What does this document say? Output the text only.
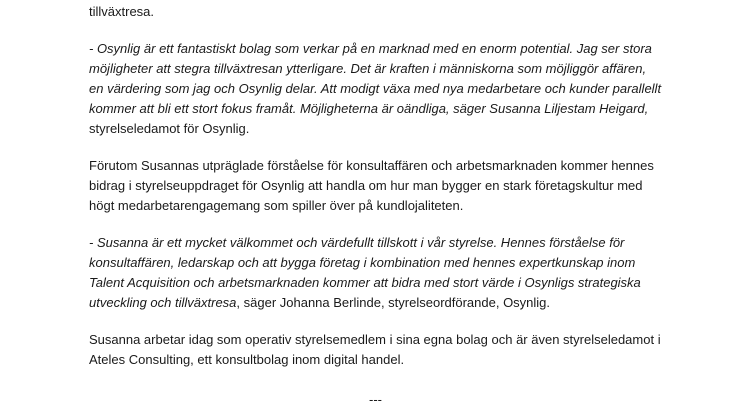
tillväxtresa.
- Osynlig är ett fantastiskt bolag som verkar på en marknad med en enorm potential. Jag ser stora
möjligheter att stegra tillväxtresan ytterligare. Det är kraften i människorna som möjliggör affären,
en värdering som jag och Osynlig delar. Att modigt växa med nya medarbetare och kunder parallellt
kommer att bli ett stort fokus framåt. Möjligheterna är oändliga, säger Susanna Liljestam Heigard,
styrelseledamot för Osynlig.
Förutom Susannas utpräglade förståelse för konsultaffären och arbetsmarknaden kommer hennes
bidrag i styrelseuppdraget för Osynlig att handla om hur man bygger en stark företagskultur med
högt medarbetarengagemang som spiller över på kundlojaliteten.
- Susanna är ett mycket välkommet och värdefullt tillskott i vår styrelse. Hennes förståelse för
konsultaffären, ledarskap och att bygga företag i kombination med hennes expertkunskap inom
Talent Acquisition och arbetsmarknaden kommer att bidra med stort värde i Osynligs strategiska
utveckling och tillväxtresa, säger Johanna Berlinde, styrelseordförande, Osynlig.
Susanna arbetar idag som operativ styrelsemedlem i sina egna bolag och är även styrelseledamot i
Ateles Consulting, ett konsultbolag inom digital handel.
---
